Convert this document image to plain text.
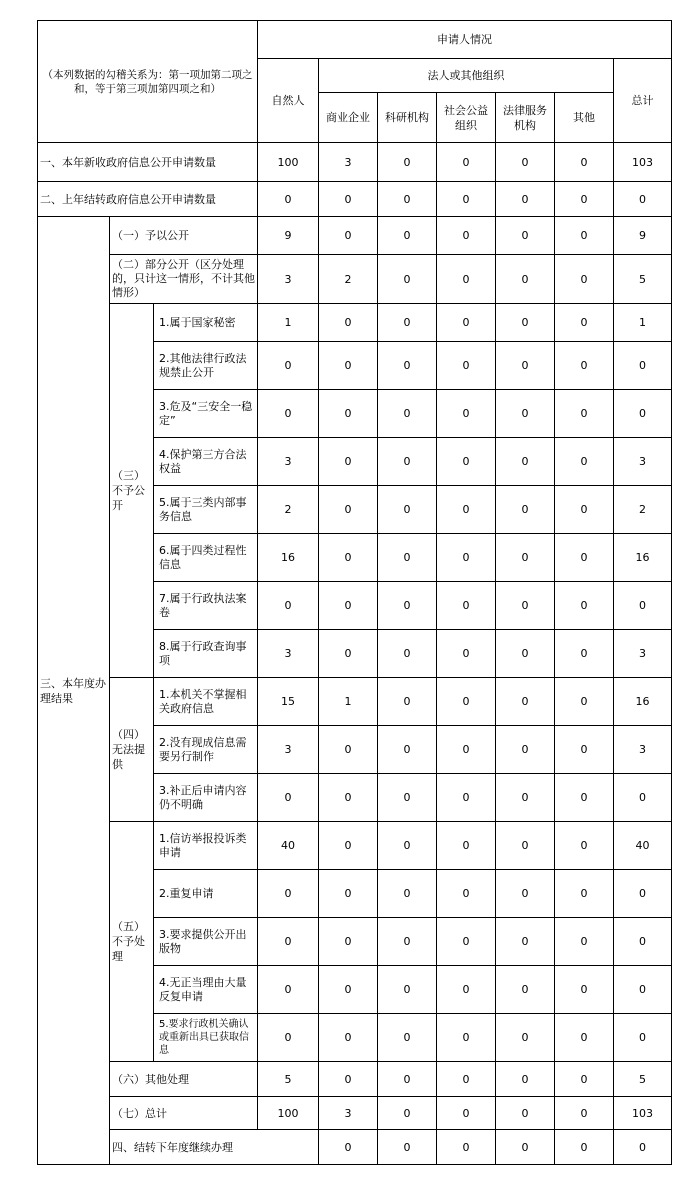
（本列数据的勾稽关系为：第一项加第二项之和，等于第三项加第四项之和）			申请人情况							
			自然人	法人或其他组织					总计	
				商业企业	科研机构	社会公益组织	法律服务机构	其他		
一、本年新收政府信息公开申请数量			100	3	0	0	0	0	103	
二、上年结转政府信息公开申请数量			0	0	0	0	0	0	0	
三、本年度办理结果	（一）予以公开		9	0	0	0	0	0	9	
	（二）部分公开（区分处理的，只计这一情形，不计其他情形）		3	2	0	0	0	0	5	
	（三）不予公开	1.属于国家秘密	1	0	0	0	0	0	1	
		2.其他法律行政法规禁止公开	0	0	0	0	0	0	0	
		3.危及“三安全一稳定”	0	0	0	0	0	0	0	
		4.保护第三方合法权益	3	0	0	0	0	0	3	
		5.属于三类内部事务信息	2	0	0	0	0	0	2	
		6.属于四类过程性信息	16	0	0	0	0	0	16	
		7.属于行政执法案卷	0	0	0	0	0	0	0	
		8.属于行政查询事项	3	0	0	0	0	0	3	
	（四）无法提供	1.本机关不掌握相关政府信息	15	1	0	0	0	0	16	
		2.没有现成信息需要另行制作	3	0	0	0	0	0	3	
		3.补正后申请内容仍不明确	0	0	0	0	0	0	0	
	（五）不予处理	1.信访举报投诉类申请	40	0	0	0	0	0	40	
		2.重复申请	0	0	0	0	0	0	0	
		3.要求提供公开出版物	0	0	0	0	0	0	0	
		4.无正当理由大量反复申请	0	0	0	0	0	0	0	
		5.要求行政机关确认或重新出具已获取信息	0	0	0	0	0	0	0	
	（六）其他处理		5	0	0	0	0	0	5	
	（七）总计		100	3	0	0	0	0	103	
	四、结转下年度继续办理			0	0	0	0	0	0	
